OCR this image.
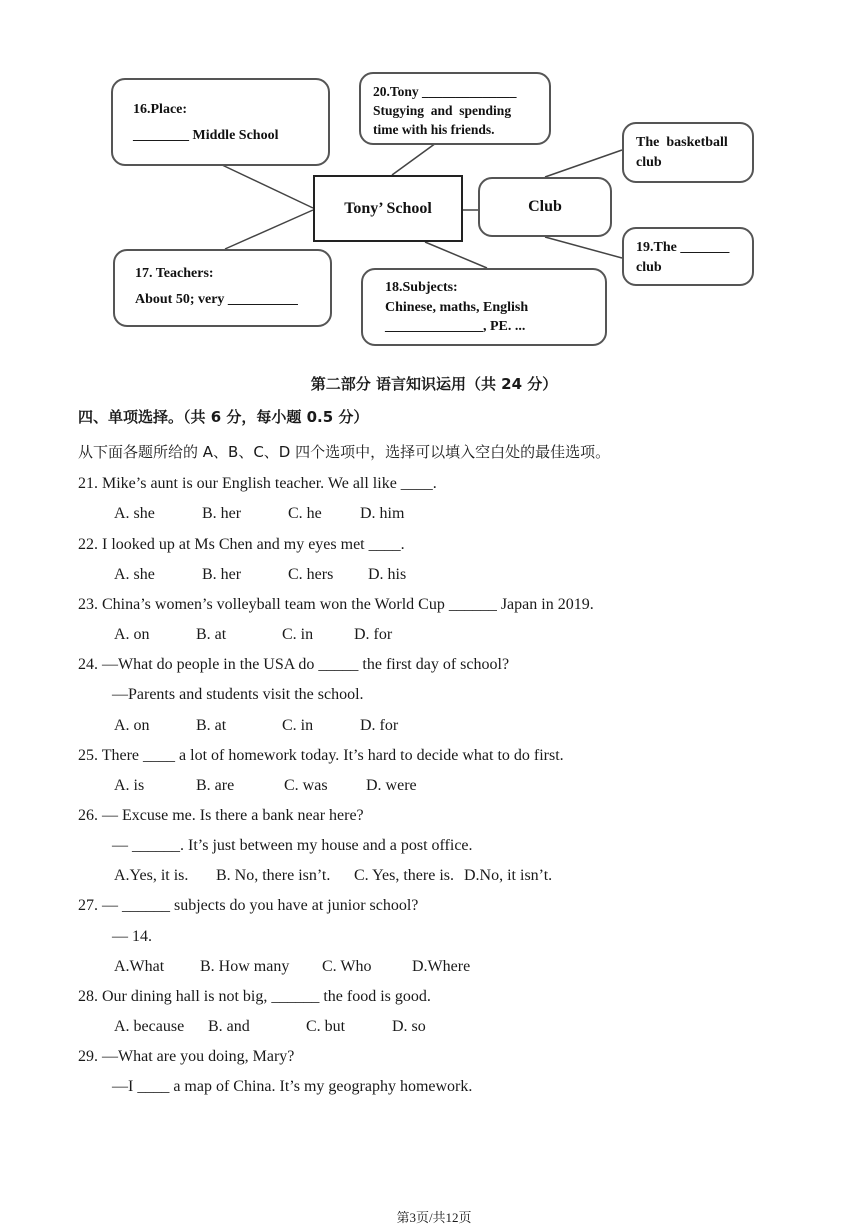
16.Place:
________ Middle School
20.Tony ______________
Stugying  and  spending
time with his friends.
Tony’ School	Club
The  basketball
club
19.The _______
club
17. Teachers:
About 50; very __________
18.Subjects:
Chinese, maths, English
______________, PE. ...
第二部分 语言知识运用（共 24 分）
四、单项选择。（共 6 分，每小题 0.5 分）
从下面各题所给的 A、B、C、D 四个选项中，选择可以填入空白处的最佳选项。
21. Mike’s aunt is our English teacher. We all like ____.
A. she	B. her	C. he D. him
22. I looked up at Ms Chen and my eyes met ____.
A. she	B. her	C. hers D. his
23. China’s women’s volleyball team won the World Cup ______ Japan in 2019.
A. on	B. at	C. in	D. for
24. —What do people in the USA do _____ the first day of school?
—Parents and students visit the school.
A. on	B. at	C. in	D. for
25. There ____ a lot of homework today. It’s hard to decide what to do first.
A. is	B. are	C. was D. were
26. — Excuse me. Is there a bank near here?
— ______. It’s just between my house and a post office.
A.Yes, it is. B. No, there isn’t. C. Yes, there is. D.No, it isn’t.
27. — ______ subjects do you have at junior school?
— 14.
A.What B. How many C. Who	D.Where
28. Our dining hall is not big, ______ the food is good.
A. because B. and	C. but	D. so
29. —What are you doing, Mary?
—I ____ a map of China. It’s my geography homework.
第3页/共12页
